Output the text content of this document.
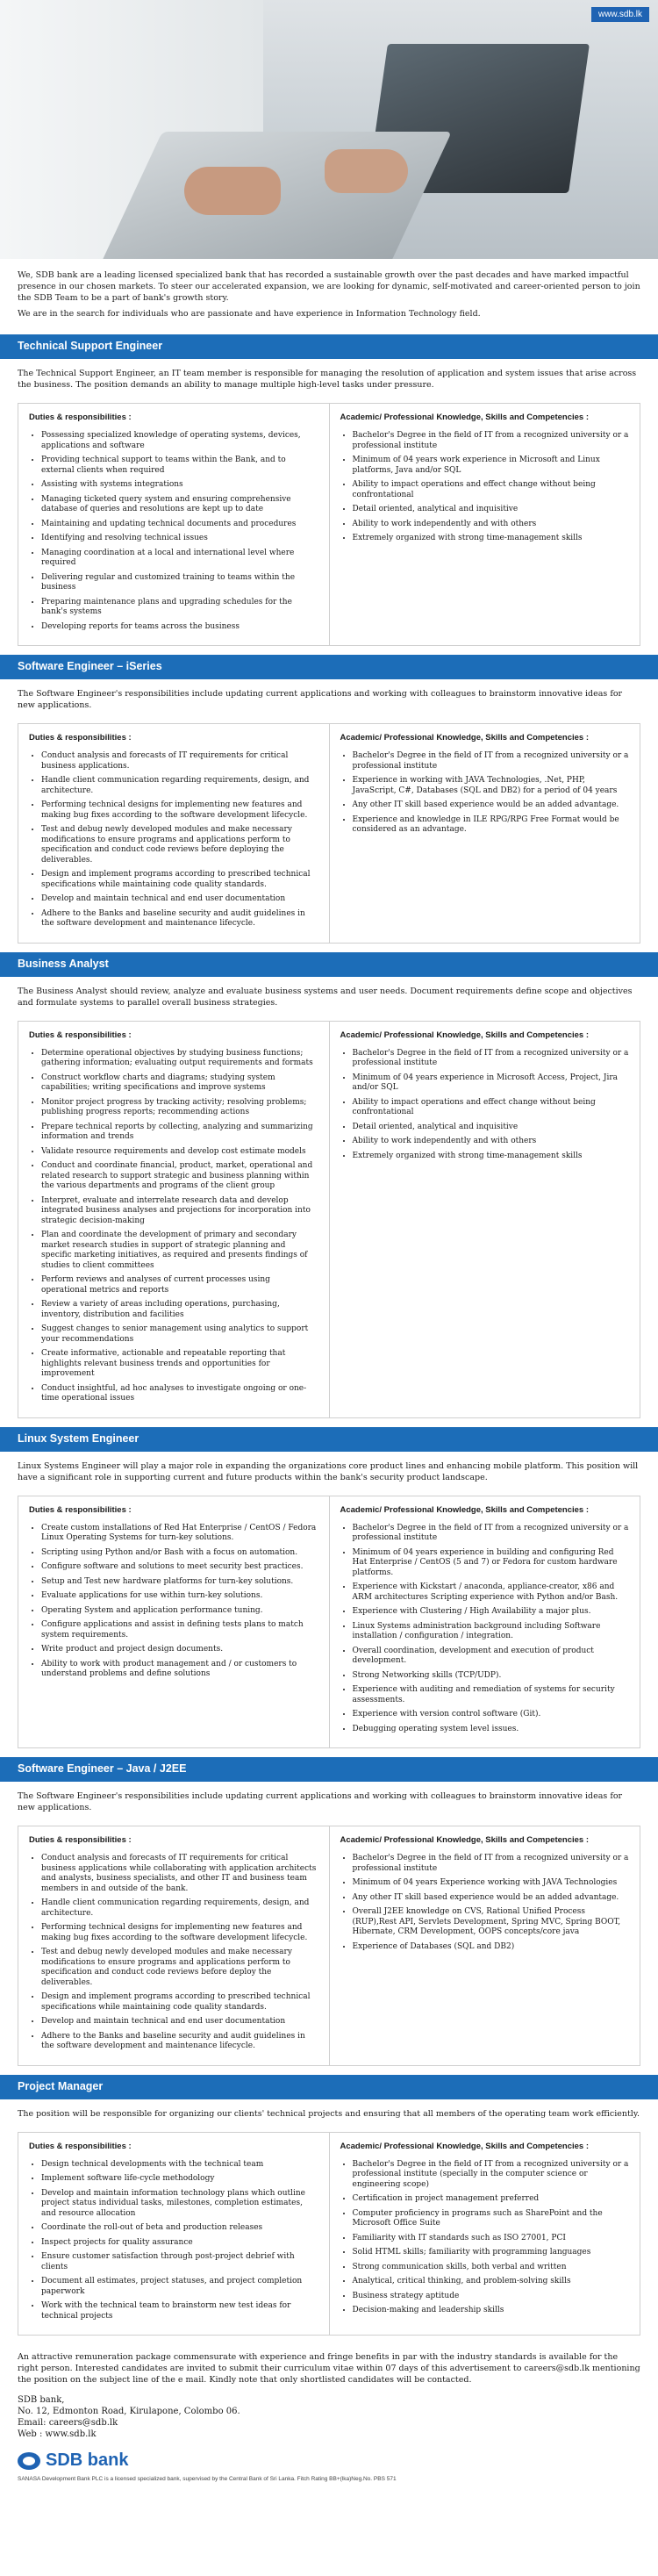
www.sdb.lk

We, SDB bank are a leading licensed specialized bank that has recorded a sustainable growth over the past decades and have marked impactful presence in our chosen markets. To steer our accelerated expansion, we are looking for dynamic, self-motivated and career-oriented person to join the SDB Team to be a part of bank's growth story.

We are in the search for individuals who are passionate and have experience in Information Technology field.

Technical Support Engineer
The Technical Support Engineer, an IT team member is responsible for managing the resolution of application and system issues that arise across the business. The position demands an ability to manage multiple high-level tasks under pressure.
Duties & responsibilities :
• Possessing specialized knowledge of operating systems, devices, applications and software
• Providing technical support to teams within the Bank, and to external clients when required
• Assisting with systems integrations
• Managing ticketed query system and ensuring comprehensive database of queries and resolutions are kept up to date
• Maintaining and updating technical documents and procedures
• Identifying and resolving technical issues
• Managing coordination at a local and international level where required
• Delivering regular and customized training to teams within the business
• Preparing maintenance plans and upgrading schedules for the bank's systems
• Developing reports for teams across the business
Academic/ Professional Knowledge, Skills and Competencies :
• Bachelor's Degree in the field of IT from a recognized university or a professional institute
• Minimum of 04 years work experience in Microsoft and Linux platforms, Java and/or SQL
• Ability to impact operations and effect change without being confrontational
• Detail oriented, analytical and inquisitive
• Ability to work independently and with others
• Extremely organized with strong time-management skills
Software Engineer – iSeries
The Software Engineer's responsibilities include updating current applications and working with colleagues to brainstorm innovative ideas for new applications.
Duties & responsibilities :
• Conduct analysis and forecasts of IT requirements for critical business applications.
• Handle client communication regarding requirements, design, and architecture.
• Performing technical designs for implementing new features and making bug fixes according to the software development lifecycle.
• Test and debug newly developed modules and make necessary modifications to ensure programs and applications perform to specification and conduct code reviews before deploying the deliverables.
• Design and implement programs according to prescribed technical specifications while maintaining code quality standards.
• Develop and maintain technical and end user documentation
• Adhere to the Banks and baseline security and audit guidelines in the software development and maintenance lifecycle.
Academic/ Professional Knowledge, Skills and Competencies :
• Bachelor's Degree in the field of IT from a recognized university or a professional institute
• Experience in working with JAVA Technologies, .Net, PHP, JavaScript, C#, Databases (SQL and DB2) for a period of 04 years
• Any other IT skill based experience would be an added advantage.
• Experience and knowledge in ILE RPG/RPG Free Format would be considered as an advantage.
Business Analyst
The Business Analyst should review, analyze and evaluate business systems and user needs. Document requirements define scope and objectives and formulate systems to parallel overall business strategies.
Duties & responsibilities :
• Determine operational objectives by studying business functions; gathering information; evaluating output requirements and formats
• Construct workflow charts and diagrams; studying system capabilities; writing specifications and improve systems
• Monitor project progress by tracking activity; resolving problems; publishing progress reports; recommending actions
• Prepare technical reports by collecting, analyzing and summarizing information and trends
• Validate resource requirements and develop cost estimate models
• Conduct and coordinate financial, product, market, operational and related research to support strategic and business planning within the various departments and programs of the client group
• Interpret, evaluate and interrelate research data and develop integrated business analyses and projections for incorporation into strategic decision-making
• Plan and coordinate the development of primary and secondary market research studies in support of strategic planning and specific marketing initiatives, as required and presents findings of studies to client committees
• Perform reviews and analyses of current processes using operational metrics and reports
• Review a variety of areas including operations, purchasing, inventory, distribution and facilities
• Suggest changes to senior management using analytics to support your recommendations
• Create informative, actionable and repeatable reporting that highlights relevant business trends and opportunities for improvement
• Conduct insightful, ad hoc analyses to investigate ongoing or one-time operational issues
Academic/ Professional Knowledge, Skills and Competencies :
• Bachelor's Degree in the field of IT from a recognized university or a professional institute
• Minimum of 04 years experience in Microsoft Access, Project, Jira and/or SQL
• Ability to impact operations and effect change without being confrontational
• Detail oriented, analytical and inquisitive
• Ability to work independently and with others
• Extremely organized with strong time-management skills
Linux System Engineer
Linux Systems Engineer will play a major role in expanding the organizations core product lines and enhancing mobile platform. This position will have a significant role in supporting current and future products within the bank's security product landscape.
Duties & responsibilities :
• Create custom installations of Red Hat Enterprise / CentOS / Fedora Linux Operating Systems for turn-key solutions.
• Scripting using Python and/or Bash with a focus on automation.
• Configure software and solutions to meet security best practices.
• Setup and Test new hardware platforms for turn-key solutions.
• Evaluate applications for use within turn-key solutions.
• Operating System and application performance tuning.
• Configure applications and assist in defining tests plans to match system requirements.
• Write product and project design documents.
• Ability to work with product management and / or customers to understand problems and define solutions
Academic/ Professional Knowledge, Skills and Competencies :
• Bachelor's Degree in the field of IT from a recognized university or a professional institute
• Minimum of 04 years experience in building and configuring Red Hat Enterprise / CentOS (5 and 7) or Fedora for custom hardware platforms.
• Experience with Kickstart / anaconda, appliance-creator, x86 and ARM architectures Scripting experience with Python and/or Bash.
• Experience with Clustering / High Availability a major plus.
• Linux Systems administration background including Software installation / configuration / integration.
• Overall coordination, development and execution of product development.
• Strong Networking skills (TCP/UDP).
• Experience with auditing and remediation of systems for security assessments.
• Experience with version control software (Git).
• Debugging operating system level issues.
Software Engineer – Java / J2EE
The Software Engineer's responsibilities include updating current applications and working with colleagues to brainstorm innovative ideas for new applications.
Duties & responsibilities :
• Conduct analysis and forecasts of IT requirements for critical business applications while collaborating with application architects and analysts, business specialists, and other IT and business team members in and outside of the bank.
• Handle client communication regarding requirements, design, and architecture.
• Performing technical designs for implementing new features and making bug fixes according to the software development lifecycle.
• Test and debug newly developed modules and make necessary modifications to ensure programs and applications perform to specification and conduct code reviews before deploy the deliverables.
• Design and implement programs according to prescribed technical specifications while maintaining code quality standards.
• Develop and maintain technical and end user documentation
• Adhere to the Banks and baseline security and audit guidelines in the software development and maintenance lifecycle.
Academic/ Professional Knowledge, Skills and Competencies :
• Bachelor's Degree in the field of IT from a recognized university or a professional institute
• Minimum of 04 years Experience working with JAVA Technologies
• Any other IT skill based experience would be an added advantage.
• Overall J2EE knowledge on CVS, Rational Unified Process (RUP),Rest API, Servlets Development, Spring MVC, Spring BOOT, Hibernate, CRM Development, OOPS concepts/core java
• Experience of Databases (SQL and DB2)
Project Manager
The position will be responsible for organizing our clients' technical projects and ensuring that all members of the operating team work efficiently.
Duties & responsibilities :
• Design technical developments with the technical team
• Implement software life-cycle methodology
• Develop and maintain information technology plans which outline project status individual tasks, milestones, completion estimates, and resource allocation
• Coordinate the roll-out of beta and production releases
• Inspect projects for quality assurance
• Ensure customer satisfaction through post-project debrief with clients
• Document all estimates, project statuses, and project completion paperwork
• Work with the technical team to brainstorm new test ideas for technical projects
Academic/ Professional Knowledge, Skills and Competencies :
• Bachelor's Degree in the field of IT from a recognized university or a professional institute (specially in the computer science or engineering scope)
• Certification in project management preferred
• Computer proficiency in programs such as SharePoint and the Microsoft Office Suite
• Familiarity with IT standards such as ISO 27001, PCI
• Solid HTML skills; familiarity with programming languages
• Strong communication skills, both verbal and written
• Analytical, critical thinking, and problem-solving skills
• Business strategy aptitude
• Decision-making and leadership skills
An attractive remuneration package commensurate with experience and fringe benefits in par with the industry standards is available for the right person. Interested candidates are invited to submit their curriculum vitae within 07 days of this advertisement to careers@sdb.lk mentioning the position on the subject line of the e mail. Kindly note that only shortlisted candidates will be contacted.
SDB bank,
No. 12, Edmonton Road, Kirulapone, Colombo 06.
Email: careers@sdb.lk
Web : www.sdb.lk
SDB bank
SANASA Development Bank PLC is a licensed specialized bank, supervised by the Central Bank of Sri Lanka. Fitch Rating BB+(lka)Neg.No. PBS 571
